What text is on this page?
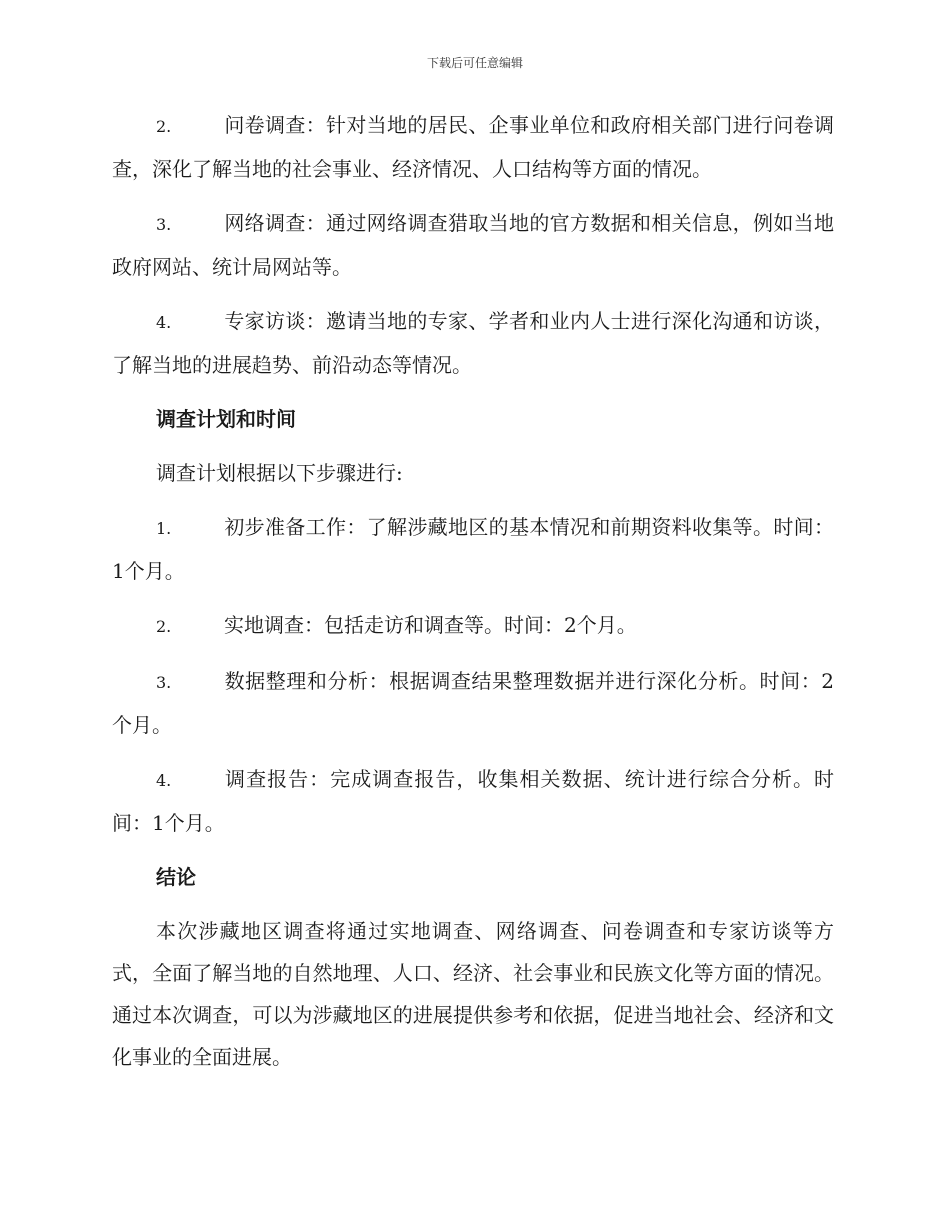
下载后可任意编辑

2.	问卷调查：针对当地的居民、企事业单位和政府相关部门进行问卷调查，深化了解当地的社会事业、经济情况、人口结构等方面的情况。

3.	网络调查：通过网络调查猎取当地的官方数据和相关信息，例如当地政府网站、统计局网站等。

4.	专家访谈：邀请当地的专家、学者和业内人士进行深化沟通和访谈，了解当地的进展趋势、前沿动态等情况。

调查计划和时间

调查计划根据以下步骤进行:

1.	初步准备工作：了解涉藏地区的基本情况和前期资料收集等。时间：1个月。

2.	实地调查：包括走访和调查等。时间：2个月。

3.	数据整理和分析：根据调查结果整理数据并进行深化分析。时间：2个月。

4.	调查报告：完成调查报告，收集相关数据、统计进行综合分析。时间：1个月。

结论

本次涉藏地区调查将通过实地调查、网络调查、问卷调查和专家访谈等方式，全面了解当地的自然地理、人口、经济、社会事业和民族文化等方面的情况。通过本次调查，可以为涉藏地区的进展提供参考和依据，促进当地社会、经济和文化事业的全面进展。
